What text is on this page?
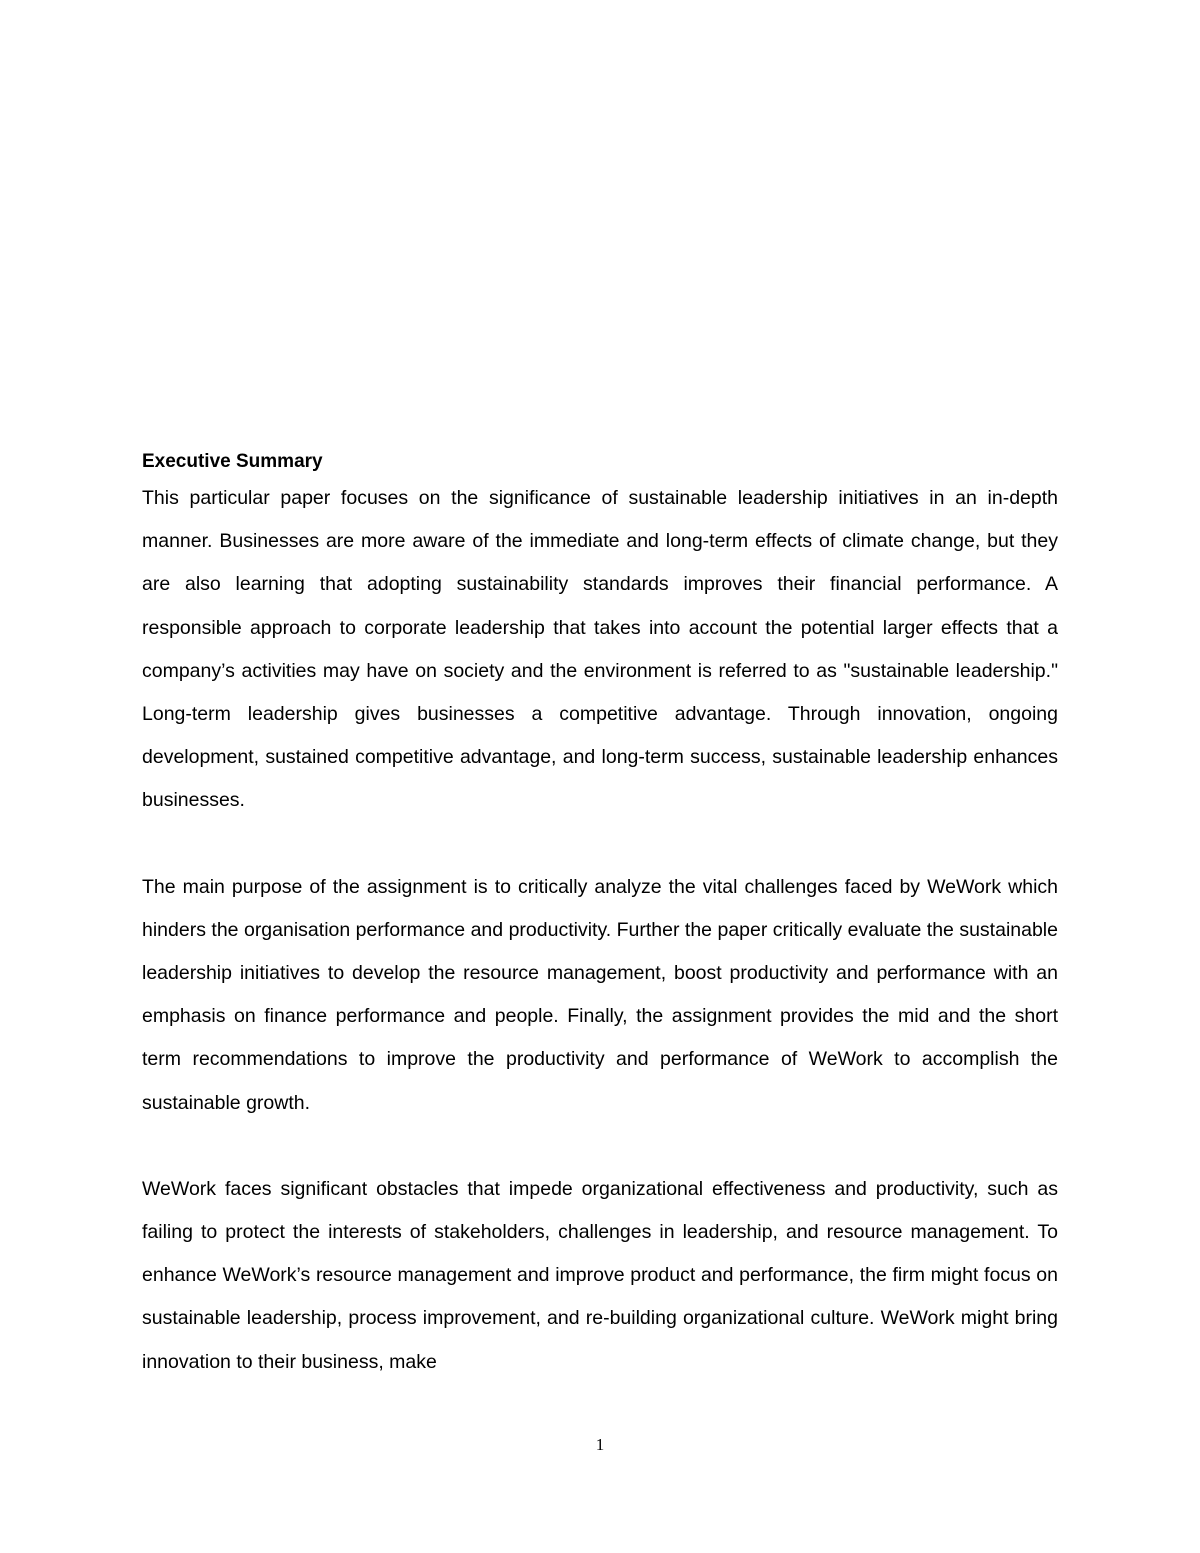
Executive Summary

This particular paper focuses on the significance of sustainable leadership initiatives in an in-depth manner. Businesses are more aware of the immediate and long-term effects of climate change, but they are also learning that adopting sustainability standards improves their financial performance. A responsible approach to corporate leadership that takes into account the potential larger effects that a company’s activities may have on society and the environment is referred to as "sustainable leadership." Long-term leadership gives businesses a competitive advantage. Through innovation, ongoing development, sustained competitive advantage, and long-term success, sustainable leadership enhances businesses.

The main purpose of the assignment is to critically analyze the vital challenges faced by WeWork which hinders the organisation performance and productivity. Further the paper critically evaluate the sustainable leadership initiatives to develop the resource management, boost productivity and performance with an emphasis on finance performance and people. Finally, the assignment provides the mid and the short term recommendations to improve the productivity and performance of WeWork to accomplish the sustainable growth.

WeWork faces significant obstacles that impede organizational effectiveness and productivity, such as failing to protect the interests of stakeholders, challenges in leadership, and resource management. To enhance WeWork’s resource management and improve product and performance, the firm might focus on sustainable leadership, process improvement, and re-building organizational culture. WeWork might bring innovation to their business, make

1
